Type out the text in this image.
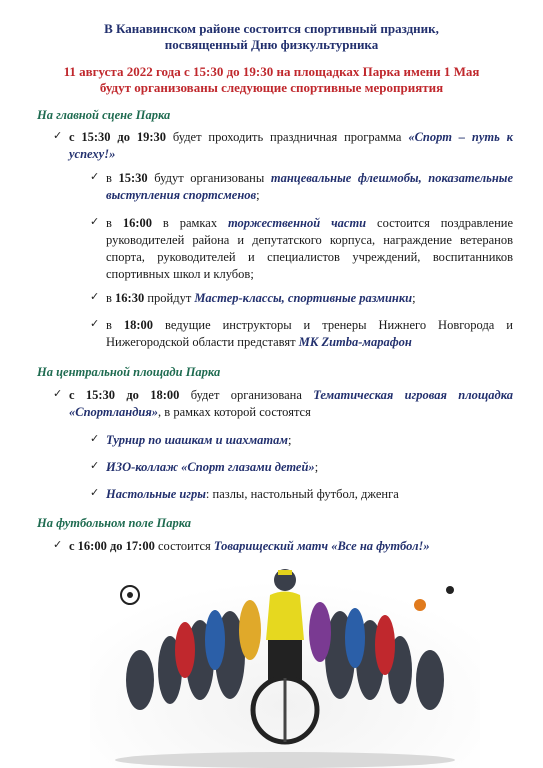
В Канавинском районе состоится спортивный праздник,
посвященный Дню физкультурника
11 августа 2022 года с 15:30 до 19:30 на площадках Парка имени 1 Мая
будут организованы следующие спортивные мероприятия
На главной сцене Парка
✓ с 15:30 до 19:30 будет проходить праздничная программа «Спорт – путь к успеху!»
✓ в 15:30 будут организованы танцевальные флешмобы, показательные выступления спортсменов;
✓ в 16:00 в рамках торжественной части состоится поздравление руководителей района и депутатского корпуса, награждение ветеранов спорта, руководителей и специалистов учреждений, воспитанников спортивных школ и клубов;
✓ в 16:30 пройдут Мастер-классы, спортивные разминки;
✓ в 18:00 ведущие инструкторы и тренеры Нижнего Новгорода и Нижегородской области представят МК Zumba-марафон
На центральной площади Парка
✓ с 15:30 до 18:00 будет организована Тематическая игровая площадка «Спортландия», в рамках которой состоятся
✓ Турнир по шашкам и шахматам;
✓ ИЗО-коллаж «Спорт глазами детей»;
✓ Настольные игры: пазлы, настольный футбол, дженга
На футбольном поле Парка
✓ с 16:00 до 17:00 состоится Товарищеский матч «Все на футбол!»
